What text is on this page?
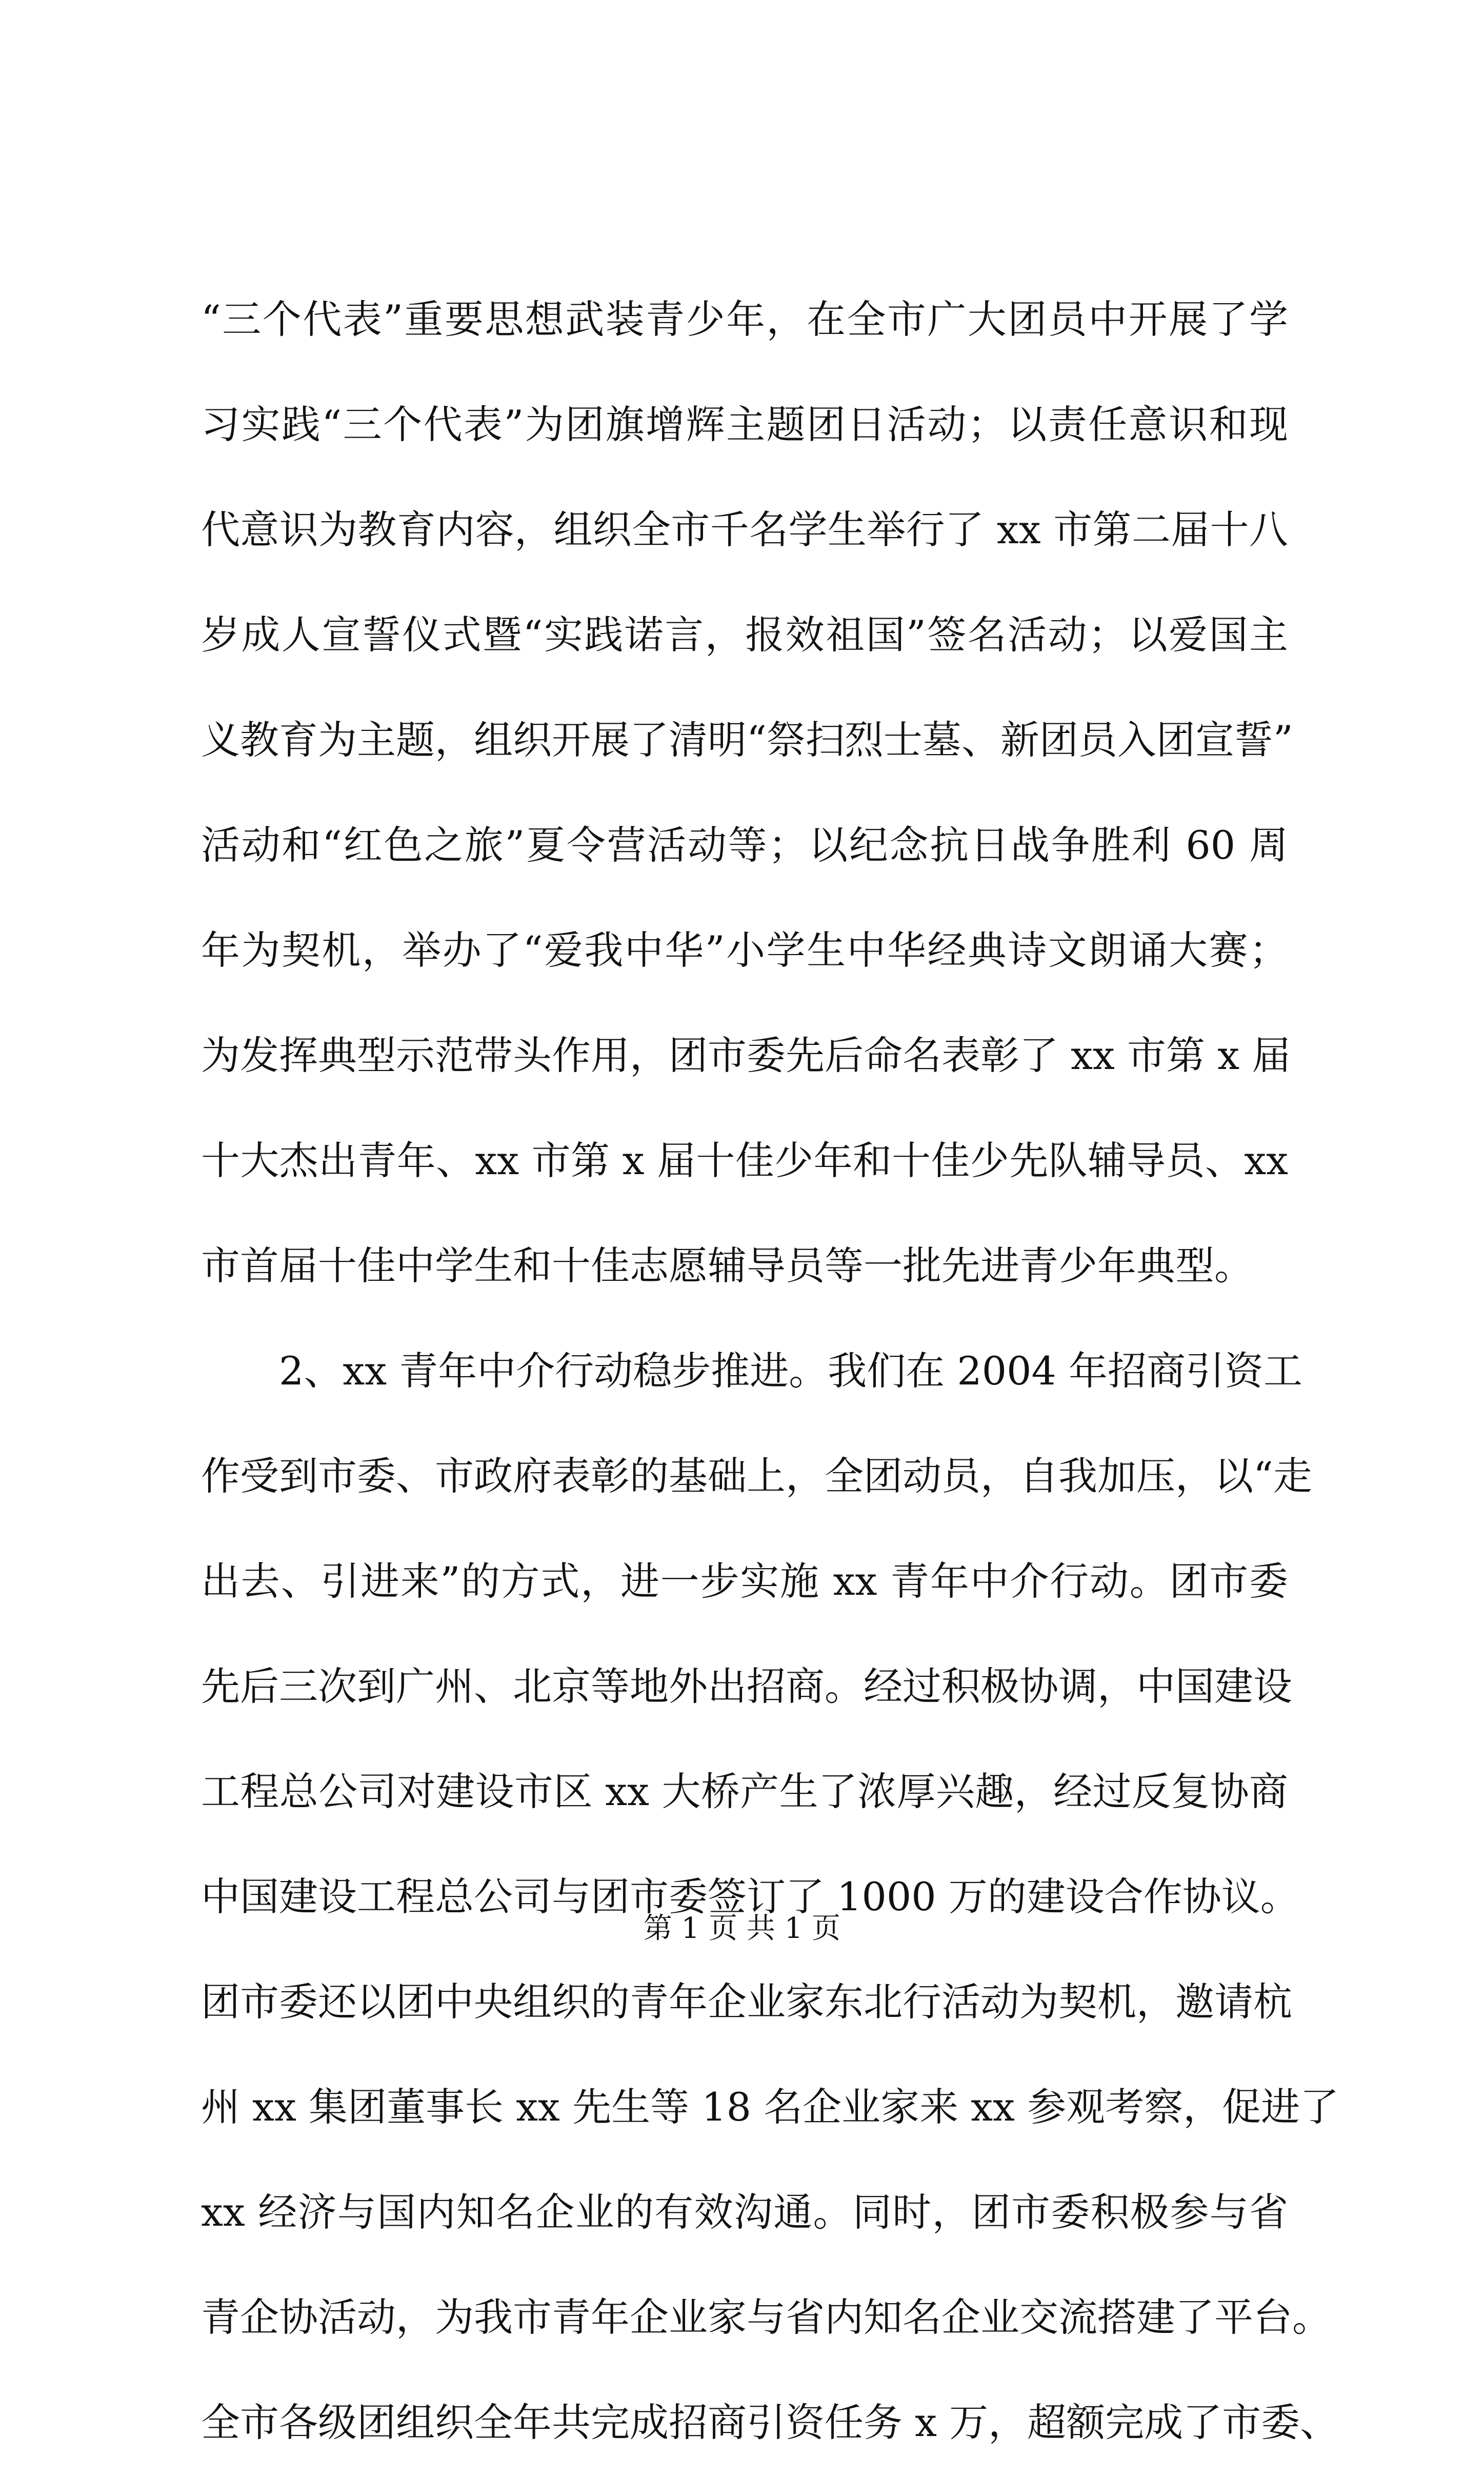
“三个代表”重要思想武装青少年，在全市广大团员中开展了学
习实践“三个代表”为团旗增辉主题团日活动；以责任意识和现
代意识为教育内容，组织全市千名学生举行了 xx 市第二届十八
岁成人宣誓仪式暨“实践诺言，报效祖国”签名活动；以爱国主
义教育为主题，组织开展了清明“祭扫烈士墓、新团员入团宣誓”
活动和“红色之旅”夏令营活动等；以纪念抗日战争胜利 60 周
年为契机，举办了“爱我中华”小学生中华经典诗文朗诵大赛；
为发挥典型示范带头作用，团市委先后命名表彰了 xx 市第 x 届
十大杰出青年、xx 市第 x 届十佳少年和十佳少先队辅导员、xx
市首届十佳中学生和十佳志愿辅导员等一批先进青少年典型。
2、xx 青年中介行动稳步推进。我们在 2004 年招商引资工
作受到市委、市政府表彰的基础上，全团动员，自我加压，以“走
出去、引进来”的方式，进一步实施 xx 青年中介行动。团市委
先后三次到广州、北京等地外出招商。经过积极协调，中国建设
工程总公司对建设市区 xx 大桥产生了浓厚兴趣，经过反复协商
中国建设工程总公司与团市委签订了 1000 万的建设合作协议。
团市委还以团中央组织的青年企业家东北行活动为契机，邀请杭
州 xx 集团董事长 xx 先生等 18 名企业家来 xx 参观考察，促进了
xx 经济与国内知名企业的有效沟通。同时，团市委积极参与省
青企协活动，为我市青年企业家与省内知名企业交流搭建了平台。
全市各级团组织全年共完成招商引资任务 x 万，超额完成了市委、
第 1 页 共 1 页
